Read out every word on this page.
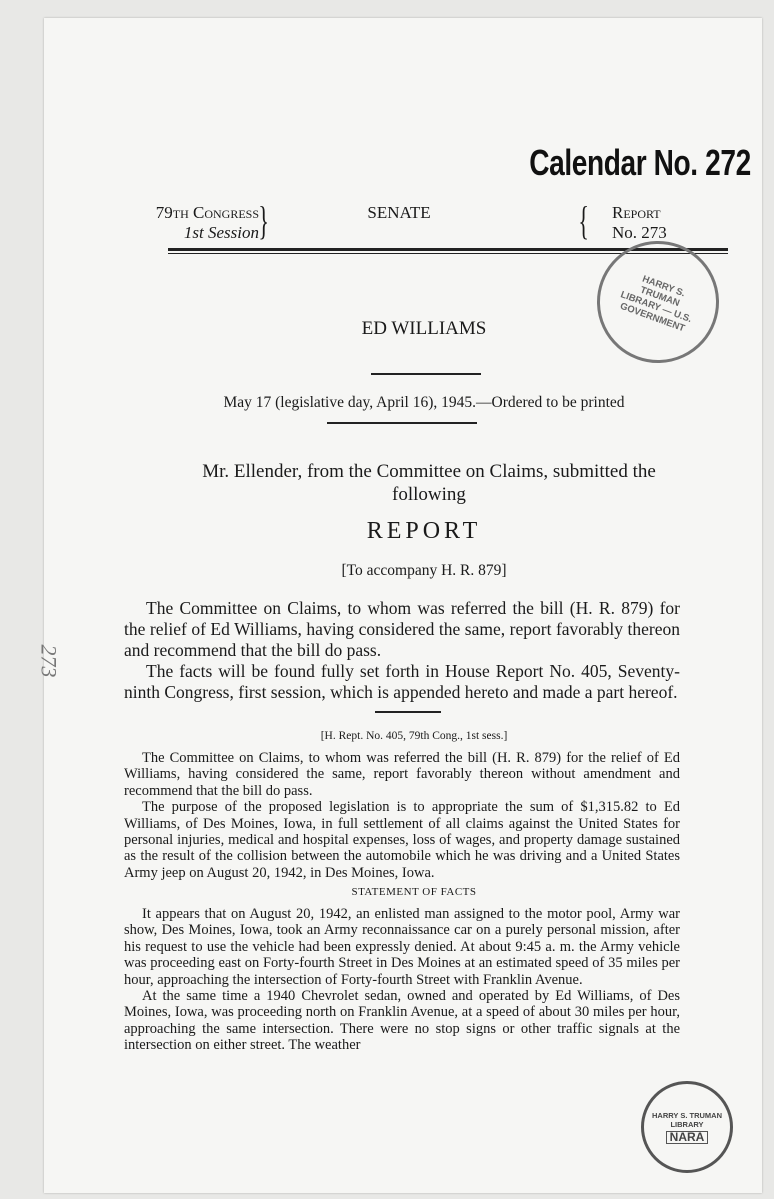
Calendar No. 272
79th Congress
1st Session }	SENATE	{ Report
No. 273
ED WILLIAMS
May 17 (legislative day, April 16), 1945.—Ordered to be printed
Mr. Ellender, from the Committee on Claims, submitted the
following
REPORT
[To accompany H. R. 879]

The Committee on Claims, to whom was referred the bill (H. R. 879) for the relief of Ed Williams, having considered the same, report favorably thereon and recommend that the bill do pass.

The facts will be found fully set forth in House Report No. 405, Seventy-ninth Congress, first session, which is appended hereto and made a part hereof.

[H. Rept. No. 405, 79th Cong., 1st sess.]

The Committee on Claims, to whom was referred the bill (H. R. 879) for the relief of Ed Williams, having considered the same, report favorably thereon without amendment and recommend that the bill do pass.

The purpose of the proposed legislation is to appropriate the sum of $1,315.82 to Ed Williams, of Des Moines, Iowa, in full settlement of all claims against the United States for personal injuries, medical and hospital expenses, loss of wages, and property damage sustained as the result of the collision between the automobile which he was driving and a United States Army jeep on August 20, 1942, in Des Moines, Iowa.

STATEMENT OF FACTS

It appears that on August 20, 1942, an enlisted man assigned to the motor pool, Army war show, Des Moines, Iowa, took an Army reconnaissance car on a purely personal mission, after his request to use the vehicle had been expressly denied. At about 9:45 a. m. the Army vehicle was proceeding east on Forty-fourth Street in Des Moines at an estimated speed of 35 miles per hour, approaching the intersection of Forty-fourth Street with Franklin Avenue.

At the same time a 1940 Chevrolet sedan, owned and operated by Ed Williams, of Des Moines, Iowa, was proceeding north on Franklin Avenue, at a speed of about 30 miles per hour, approaching the same intersection. There were no stop signs or other traffic signals at the intersection on either street. The weather

273
HARRY S. TRUMAN LIBRARY — U.S. GOVERNMENT
HARRY S. TRUMAN LIBRARY
NARA
